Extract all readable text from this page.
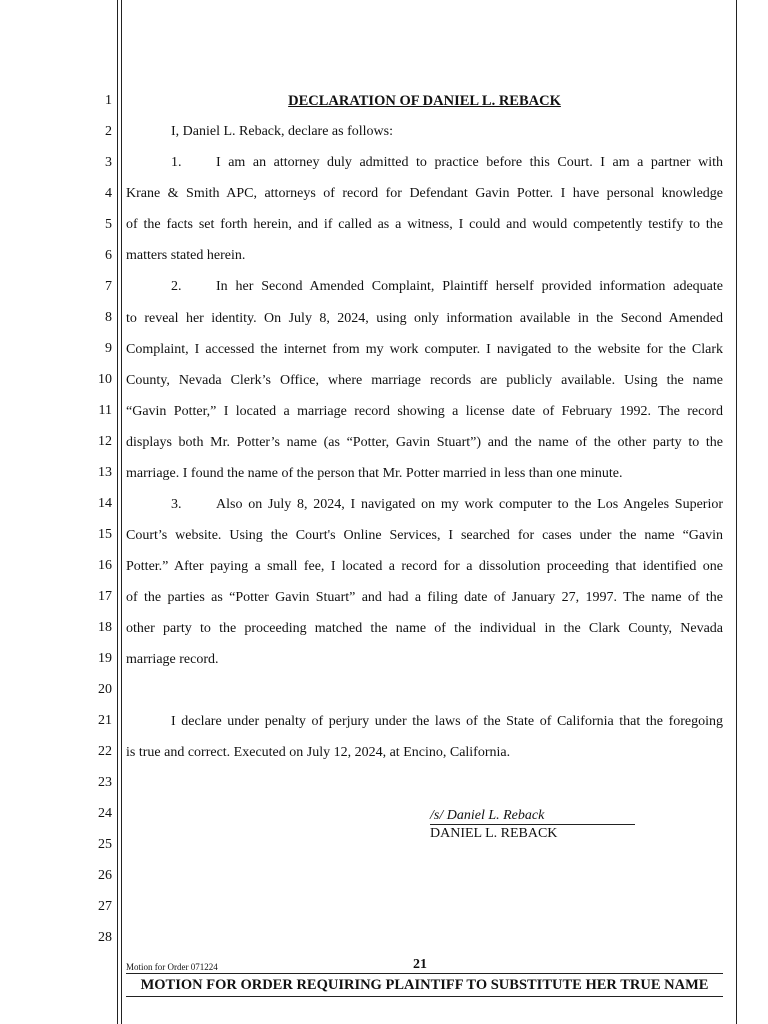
1
2
3
4
5
6
7
8
9
10
11
12
13
14
15
16
17
18
19
20
21
22
23
24
25
26
27
28
DECLARATION OF DANIEL L. REBACK
I, Daniel L. Reback, declare as follows:
1. I am an attorney duly admitted to practice before this Court. I am a partner with
Krane & Smith APC, attorneys of record for Defendant Gavin Potter. I have personal knowledge
of the facts set forth herein, and if called as a witness, I could and would competently testify to the
matters stated herein.
2. In her Second Amended Complaint, Plaintiff herself provided information adequate
to reveal her identity. On July 8, 2024, using only information available in the Second Amended
Complaint, I accessed the internet from my work computer. I navigated to the website for the Clark
County, Nevada Clerk’s Office, where marriage records are publicly available. Using the name
“Gavin Potter,” I located a marriage record showing a license date of February 1992. The record
displays both Mr. Potter’s name (as “Potter, Gavin Stuart”) and the name of the other party to the
marriage. I found the name of the person that Mr. Potter married in less than one minute.
3. Also on July 8, 2024, I navigated on my work computer to the Los Angeles Superior
Court’s website. Using the Court's Online Services, I searched for cases under the name “Gavin
Potter.” After paying a small fee, I located a record for a dissolution proceeding that identified one
of the parties as “Potter Gavin Stuart” and had a filing date of January 27, 1997. The name of the
other party to the proceeding matched the name of the individual in the Clark County, Nevada
marriage record.
I declare under penalty of perjury under the laws of the State of California that the foregoing
is true and correct. Executed on July 12, 2024, at Encino, California.
/s/ Daniel L. Reback
DANIEL L. REBACK
Motion for Order 071224	21
MOTION FOR ORDER REQUIRING PLAINTIFF TO SUBSTITUTE HER TRUE NAME
